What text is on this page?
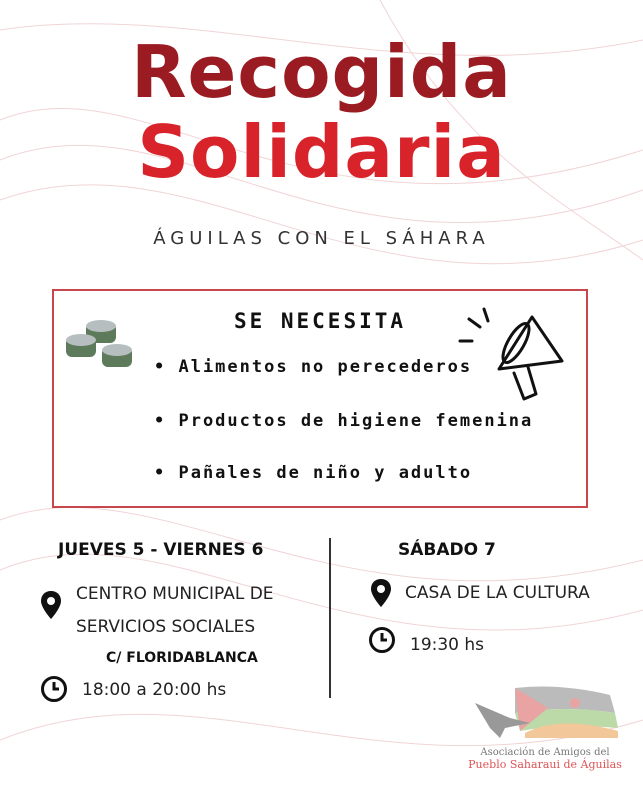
Recogida
Solidaria
ÁGUILAS CON EL SÁHARA
SE NECESITA
• Alimentos no perecederos
• Productos de higiene femenina
• Pañales de niño y adulto
JUEVES 5 - VIERNES 6
CENTRO MUNICIPAL DE
SERVICIOS SOCIALES
C/ FLORIDABLANCA
18:00 a 20:00 hs
SÁBADO 7
CASA DE LA CULTURA
19:30 hs
Asociación de Amigos del
Pueblo Saharaui de Águilas
